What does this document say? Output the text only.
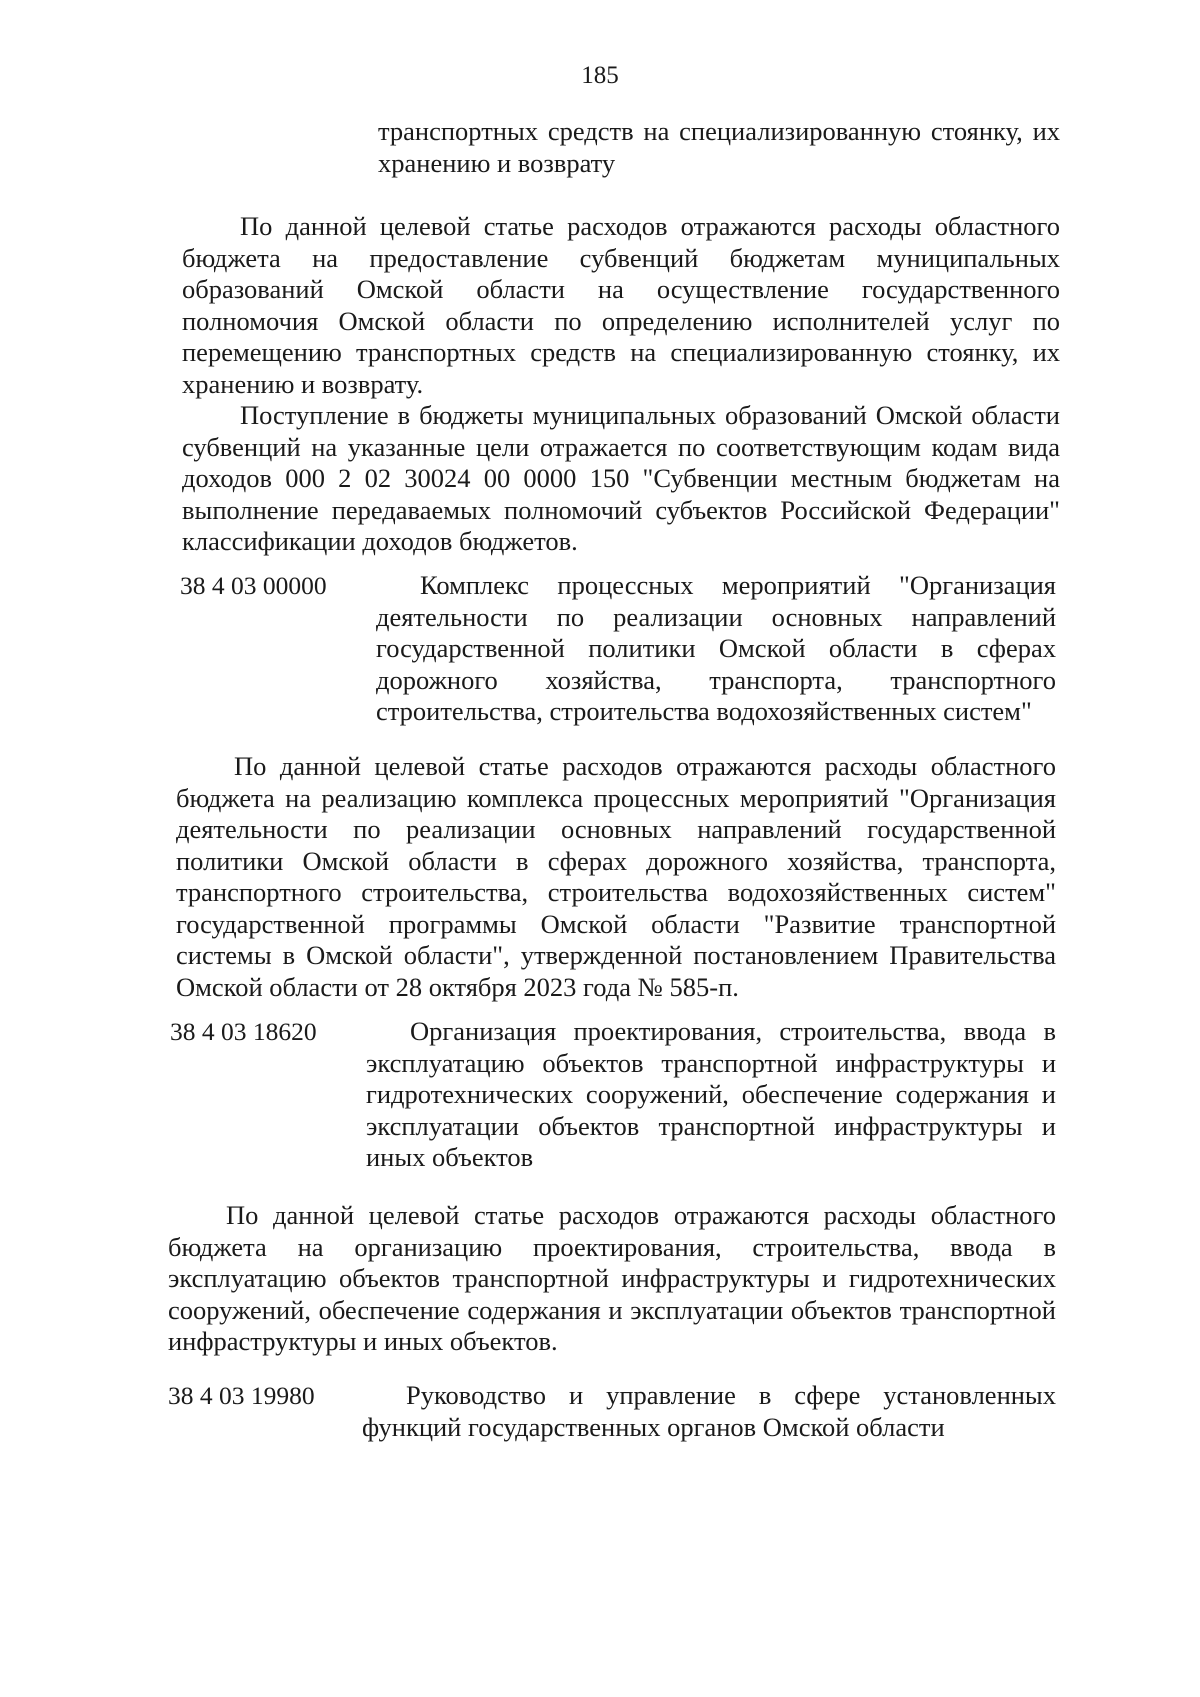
185

транспортных средств на специализированную стоянку, их хранению и возврату

По данной целевой статье расходов отражаются расходы областного бюджета на предоставление субвенций бюджетам муниципальных образований Омской области на осуществление государственного полномочия Омской области по определению исполнителей услуг по перемещению транспортных средств на специализированную стоянку, их хранению и возврату.

Поступление в бюджеты муниципальных образований Омской области субвенций на указанные цели отражается по соответствующим кодам вида доходов 000 2 02 30024 00 0000 150 "Субвенции местным бюджетам на выполнение передаваемых полномочий субъектов Российской Федерации" классификации доходов бюджетов.

38 4 03 00000	Комплекс процессных мероприятий "Организация деятельности по реализации основных направлений государственной политики Омской области в сферах дорожного хозяйства, транспорта, транспортного строительства, строительства водохозяйственных систем"

По данной целевой статье расходов отражаются расходы областного бюджета на реализацию комплекса процессных мероприятий "Организация деятельности по реализации основных направлений государственной политики Омской области в сферах дорожного хозяйства, транспорта, транспортного строительства, строительства водохозяйственных систем" государственной программы Омской области "Развитие транспортной системы в Омской области", утвержденной постановлением Правительства Омской области от 28 октября 2023 года № 585-п.

38 4 03 18620	Организация проектирования, строительства, ввода в эксплуатацию объектов транспортной инфраструктуры и гидротехнических сооружений, обеспечение содержания и эксплуатации объектов транспортной инфраструктуры и иных объектов

По данной целевой статье расходов отражаются расходы областного бюджета на организацию проектирования, строительства, ввода в эксплуатацию объектов транспортной инфраструктуры и гидротехнических сооружений, обеспечение содержания и эксплуатации объектов транспортной инфраструктуры и иных объектов.

38 4 03 19980	Руководство и управление в сфере установленных функций государственных органов Омской области
